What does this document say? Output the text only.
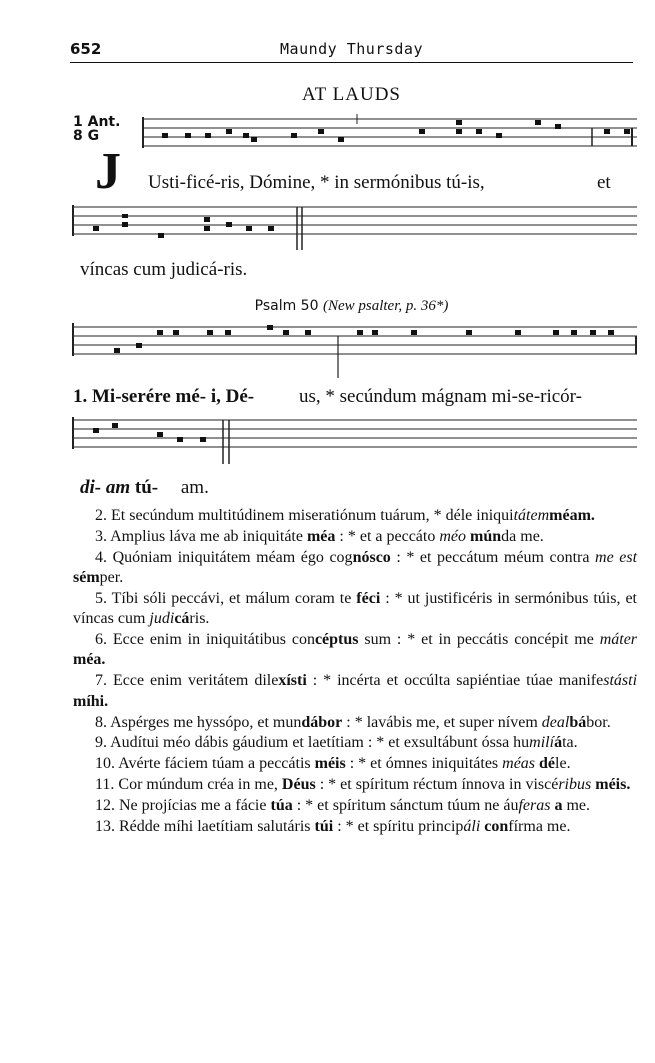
652	Maundy Thursday
AT LAUDS
1 Ant.
8 G
J Usti-ficé-ris, Dómine, * in sermónibus tú-is,	et
víncas cum judicá-ris.
Psalm 50 (New psalter, p. 36*)
1. Mi-serére mé- i, Dé- us, * secúndum mágnam mi-se-ricór-
di- am tú- am.

2. Et secúndum multitúdinem miseratiónum tuárum, * déle iniquitátemméam.

3. Amplius láva me ab iniquitáte méa : * et a peccáto méo múnda me.

4. Quóniam iniquitátem méam égo cognósco : * et peccátum méum contra me est sémper.

5. Tíbi sóli peccávi, et málum coram te féci : * ut justificéris in sermónibus túis, et víncas cum judicáris.

6. Ecce enim in iniquitátibus concéptus sum : * et in peccátis concépit me máter méa.

7. Ecce enim veritátem dilexísti : * incérta et occúlta sapiéntiae túae manifestásti míhi.

8. Aspérges me hyssópo, et mundábor : * lavábis me, et super nívem dealbábor.

9. Audítui méo dábis gáudium et laetítiam : * et exsultábunt óssa humilíáta.

10. Avérte fáciem túam a peccátis méis : * et ómnes iniquitátes méas déle.

11. Cor múndum créa in me, Déus : * et spíritum réctum ínnova in viscéribus méis.

12. Ne projícias me a fácie túa : * et spíritum sánctum túum ne áuferas a me.

13. Rédde míhi laetítiam salutáris túi : * et spíritu principáli confírma me.
